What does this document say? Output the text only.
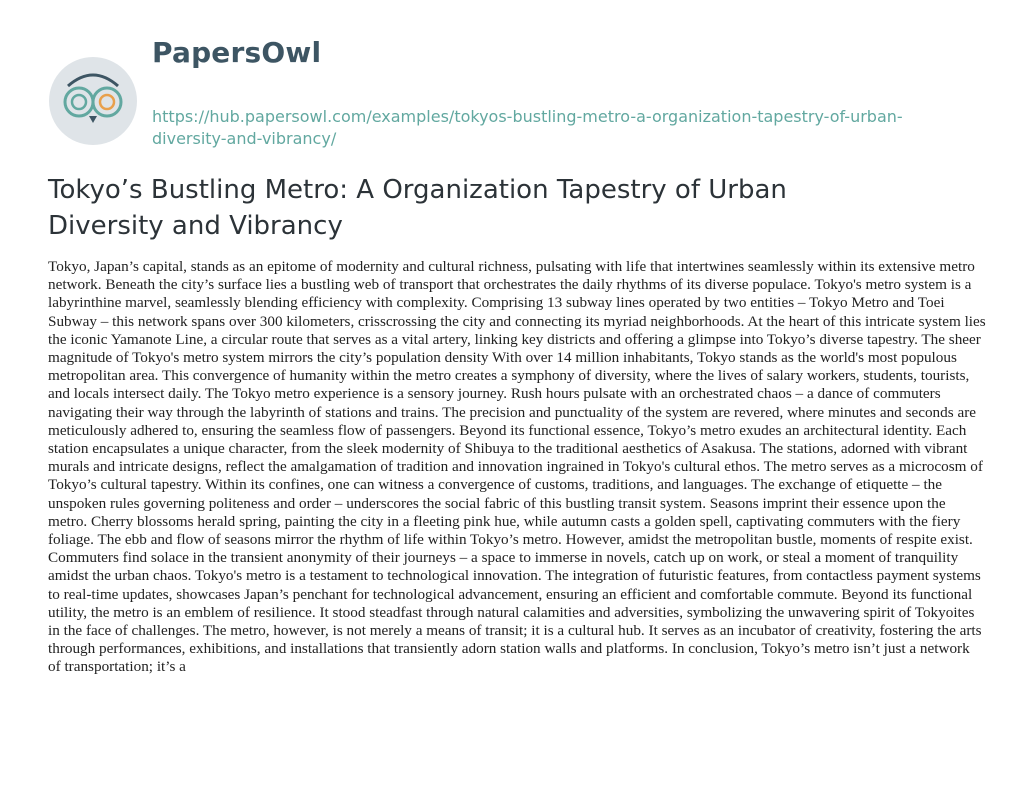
PapersOwl
https://hub.papersowl.com/examples/tokyos-bustling-metro-a-organization-tapestry-of-urban-diversity-and-vibrancy/
Tokyo’s Bustling Metro: A Organization Tapestry of Urban Diversity and Vibrancy

Tokyo, Japan’s capital, stands as an epitome of modernity and cultural richness, pulsating with life that intertwines seamlessly within its extensive metro network. Beneath the city’s surface lies a bustling web of transport that orchestrates the daily rhythms of its diverse populace. Tokyo's metro system is a labyrinthine marvel, seamlessly blending efficiency with complexity. Comprising 13 subway lines operated by two entities – Tokyo Metro and Toei Subway – this network spans over 300 kilometers, crisscrossing the city and connecting its myriad neighborhoods. At the heart of this intricate system lies the iconic Yamanote Line, a circular route that serves as a vital artery, linking key districts and offering a glimpse into Tokyo’s diverse tapestry. The sheer magnitude of Tokyo's metro system mirrors the city’s population density With over 14 million inhabitants, Tokyo stands as the world's most populous metropolitan area. This convergence of humanity within the metro creates a symphony of diversity, where the lives of salary workers, students, tourists, and locals intersect daily. The Tokyo metro experience is a sensory journey. Rush hours pulsate with an orchestrated chaos – a dance of commuters navigating their way through the labyrinth of stations and trains. The precision and punctuality of the system are revered, where minutes and seconds are meticulously adhered to, ensuring the seamless flow of passengers. Beyond its functional essence, Tokyo’s metro exudes an architectural identity. Each station encapsulates a unique character, from the sleek modernity of Shibuya to the traditional aesthetics of Asakusa. The stations, adorned with vibrant murals and intricate designs, reflect the amalgamation of tradition and innovation ingrained in Tokyo's cultural ethos. The metro serves as a microcosm of Tokyo’s cultural tapestry. Within its confines, one can witness a convergence of customs, traditions, and languages. The exchange of etiquette – the unspoken rules governing politeness and order – underscores the social fabric of this bustling transit system. Seasons imprint their essence upon the metro. Cherry blossoms herald spring, painting the city in a fleeting pink hue, while autumn casts a golden spell, captivating commuters with the fiery foliage. The ebb and flow of seasons mirror the rhythm of life within Tokyo’s metro. However, amidst the metropolitan bustle, moments of respite exist. Commuters find solace in the transient anonymity of their journeys – a space to immerse in novels, catch up on work, or steal a moment of tranquility amidst the urban chaos. Tokyo's metro is a testament to technological innovation. The integration of futuristic features, from contactless payment systems to real-time updates, showcases Japan’s penchant for technological advancement, ensuring an efficient and comfortable commute. Beyond its functional utility, the metro is an emblem of resilience. It stood steadfast through natural calamities and adversities, symbolizing the unwavering spirit of Tokyoites in the face of challenges. The metro, however, is not merely a means of transit; it is a cultural hub. It serves as an incubator of creativity, fostering the arts through performances, exhibitions, and installations that transiently adorn station walls and platforms. In conclusion, Tokyo’s metro isn’t just a network of transportation; it’s a
